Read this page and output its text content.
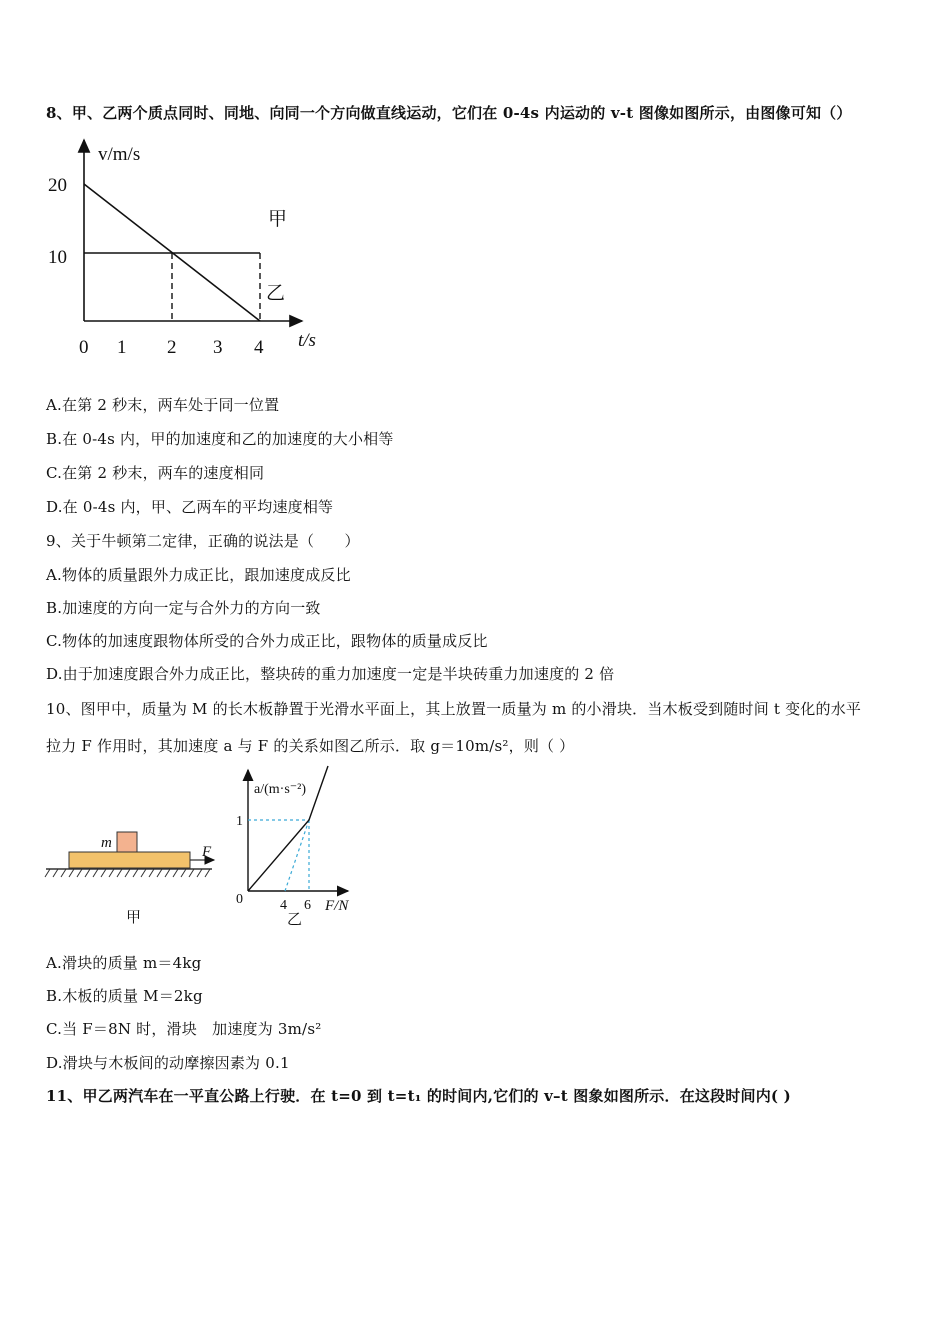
8、甲、乙两个质点同时、同地、向同一个方向做直线运动，它们在 0-4s 内运动的 v-t 图像如图所示，由图像可知（）
v/m/s
t/s
20
10
0 1 2 3 4
甲
乙
A.在第 2 秒末，两车处于同一位置
B.在 0-4s 内，甲的加速度和乙的加速度的大小相等
C.在第 2 秒末，两车的速度相同
D.在 0-4s 内，甲、乙两车的平均速度相等
9、关于牛顿第二定律，正确的说法是（　　）
A.物体的质量跟外力成正比，跟加速度成反比
B.加速度的方向一定与合外力的方向一致
C.物体的加速度跟物体所受的合外力成正比，跟物体的质量成反比
D.由于加速度跟合外力成正比，整块砖的重力加速度一定是半块砖重力加速度的 2 倍
10、图甲中，质量为 M 的长木板静置于光滑水平面上，其上放置一质量为 m 的小滑块．当木板受到随时间 t 变化的水平
拉力 F 作用时，其加速度 a 与 F 的关系如图乙所示．取 g＝10m/s²，则（ ）
m
F
甲
a/(m·s⁻²)
F/N
1
0	4 6
乙
A.滑块的质量 m＝4kg
B.木板的质量 M＝2kg
C.当 F＝8N 时，滑块　加速度为 3m/s²
D.滑块与木板间的动摩擦因素为 0.1
11、甲乙两汽车在一平直公路上行驶．在 t=0 到 t=t₁ 的时间内,它们的 v–t 图象如图所示．在这段时间内( )
